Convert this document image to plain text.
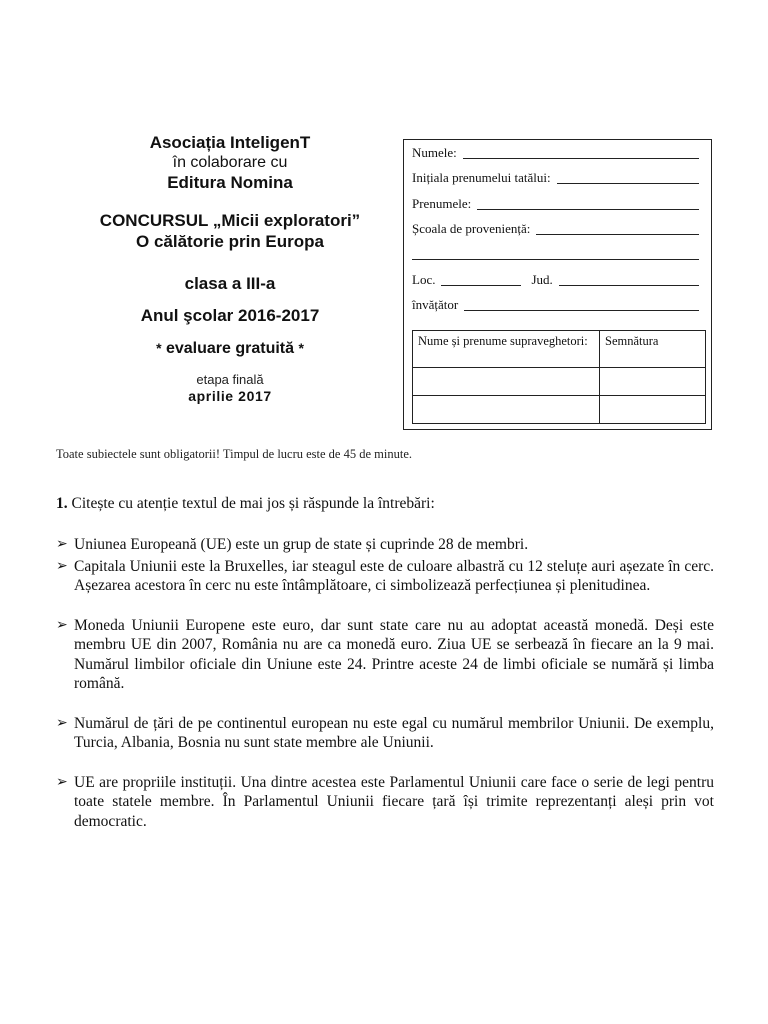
Asociația InteligenT
în colaborare cu
Editura Nomina
CONCURSUL „Micii exploratori”
O călătorie prin Europa
clasa a III-a
Anul şcolar 2016-2017
* evaluare gratuită *
etapa finală
aprilie 2017
Numele:
Inițiala prenumelui tatălui:
Prenumele:
Școala de proveniență:
Loc.	Jud.
învățător
Nume și prenume supraveghetori:	Semnătura

Toate subiectele sunt obligatorii! Timpul de lucru este de 45 de minute.
1. Citește cu atenție textul de mai jos și răspunde la întrebări:
➢ Uniunea Europeană (UE) este un grup de state și cuprinde 28 de membri.
➢ Capitala Uniunii este la Bruxelles, iar steagul este de culoare albastră cu 12 steluțe auri așezate în cerc. Așezarea acestora în cerc nu este întâmplătoare, ci simbolizează perfecțiunea și plenitudinea.
➢ Moneda Uniunii Europene este euro, dar sunt state care nu au adoptat această monedă. Deși este membru UE din 2007, România nu are ca monedă euro. Ziua UE se serbează în fiecare an la 9 mai. Numărul limbilor oficiale din Uniune este 24. Printre aceste 24 de limbi oficiale se numără și limba română.
➢ Numărul de țări de pe continentul european nu este egal cu numărul membrilor Uniunii. De exemplu, Turcia, Albania, Bosnia nu sunt state membre ale Uniunii.
➢ UE are propriile instituții. Una dintre acestea este Parlamentul Uniunii care face o serie de legi pentru toate statele membre. În Parlamentul Uniunii fiecare țară își trimite reprezentanți aleși prin vot democratic.
